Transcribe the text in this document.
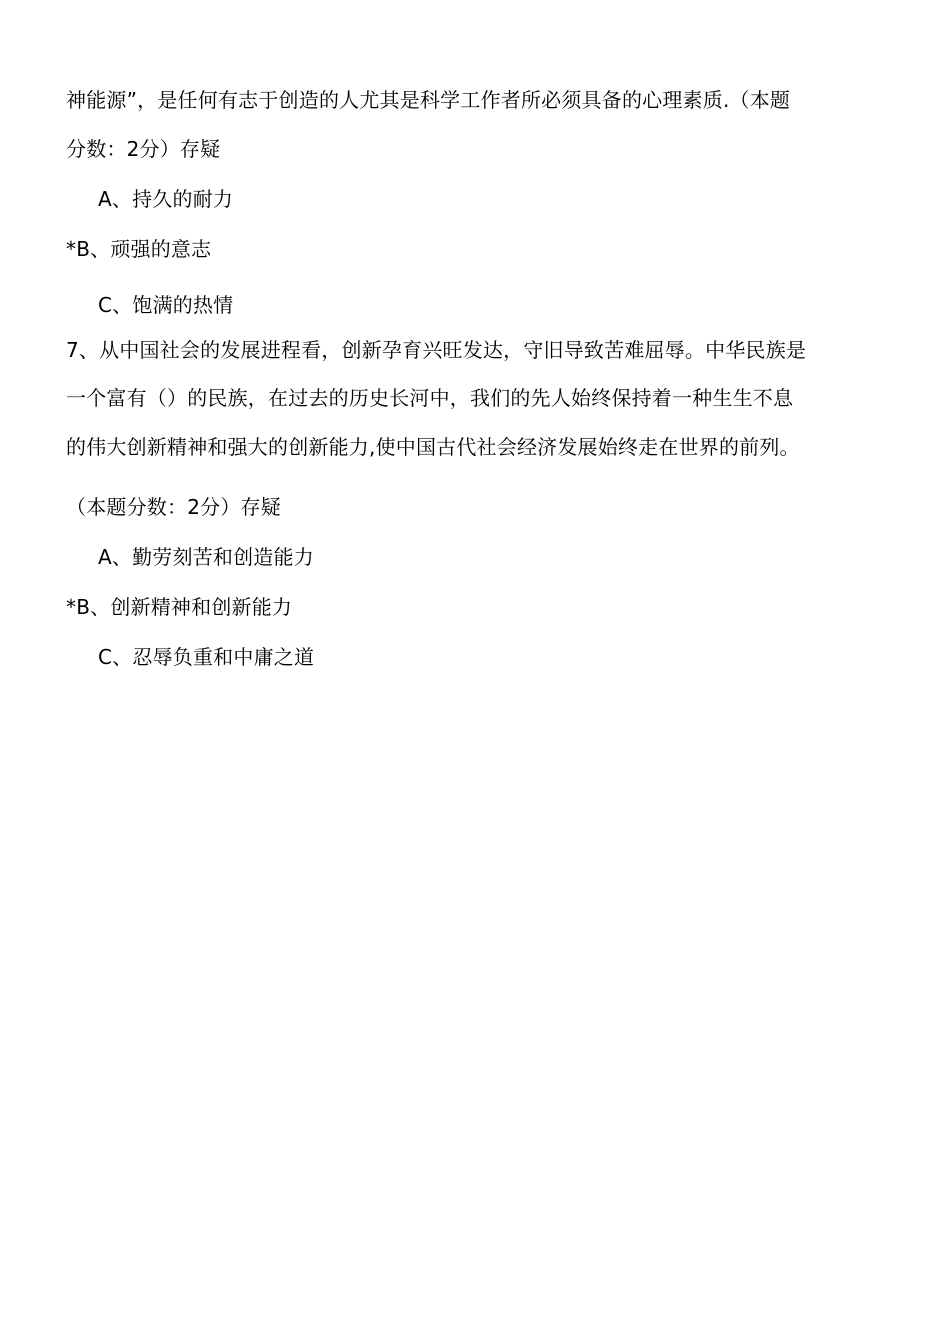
神能源”，是任何有志于创造的人尤其是科学工作者所必须具备的心理素质.（本题
分数：2分）存疑
A、持久的耐力
*B、顽强的意志
C、饱满的热情
7、从中国社会的发展进程看，创新孕育兴旺发达，守旧导致苦难屈辱。中华民族是
一个富有（）的民族，在过去的历史长河中，我们的先人始终保持着一种生生不息
的伟大创新精神和强大的创新能力,使中国古代社会经济发展始终走在世界的前列。
（本题分数：2分）存疑
A、勤劳刻苦和创造能力
*B、创新精神和创新能力
C、忍辱负重和中庸之道
